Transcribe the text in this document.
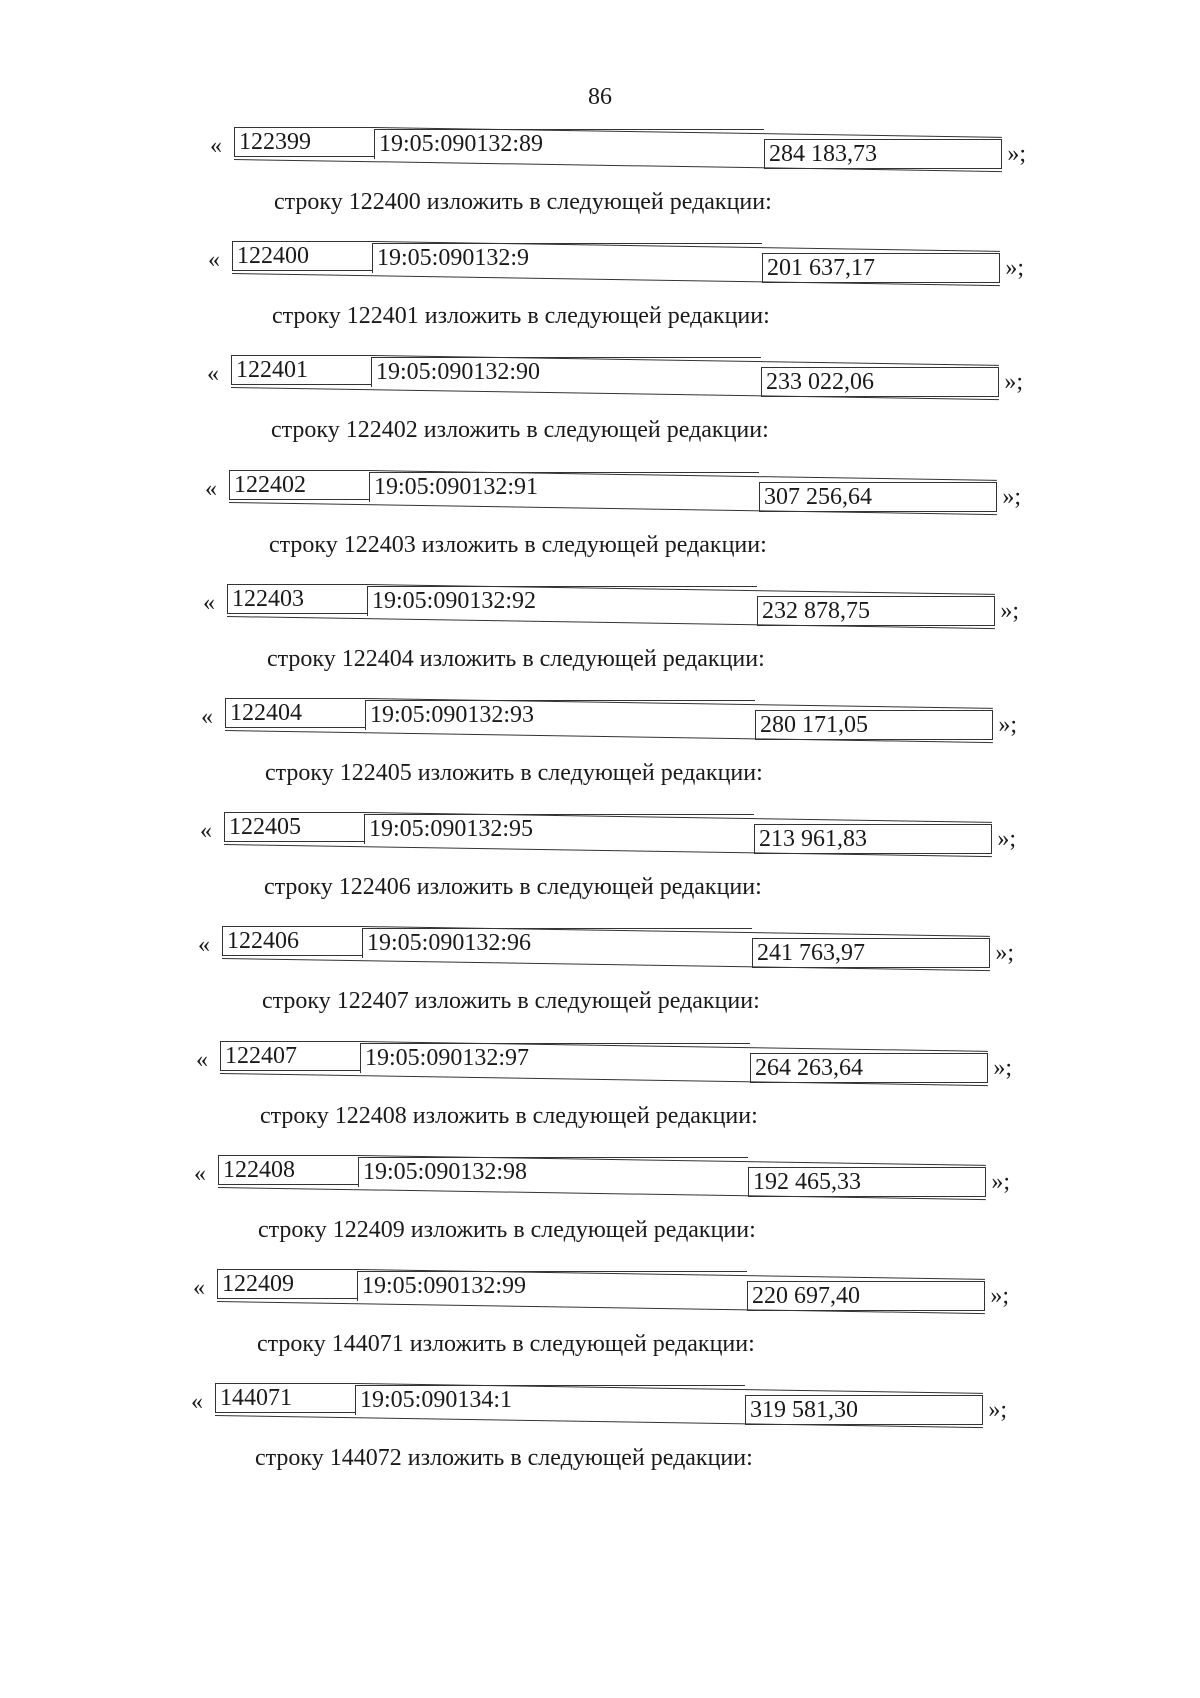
86
« 122399	19:05:090132:89	284 183,73	»;
строку 122400 изложить в следующей редакции:
« 122400	19:05:090132:9	201 637,17	»;
строку 122401 изложить в следующей редакции:
« 122401	19:05:090132:90	233 022,06	»;
строку 122402 изложить в следующей редакции:
« 122402	19:05:090132:91	307 256,64	»;
строку 122403 изложить в следующей редакции:
« 122403	19:05:090132:92	232 878,75	»;
строку 122404 изложить в следующей редакции:
« 122404	19:05:090132:93	280 171,05	»;
строку 122405 изложить в следующей редакции:
« 122405	19:05:090132:95	213 961,83	»;
строку 122406 изложить в следующей редакции:
« 122406	19:05:090132:96	241 763,97	»;
строку 122407 изложить в следующей редакции:
« 122407	19:05:090132:97	264 263,64	»;
строку 122408 изложить в следующей редакции:
« 122408	19:05:090132:98	192 465,33	»;
строку 122409 изложить в следующей редакции:
« 122409	19:05:090132:99	220 697,40	»;
строку 144071 изложить в следующей редакции:
« 144071	19:05:090134:1	319 581,30	»;
строку 144072 изложить в следующей редакции:
